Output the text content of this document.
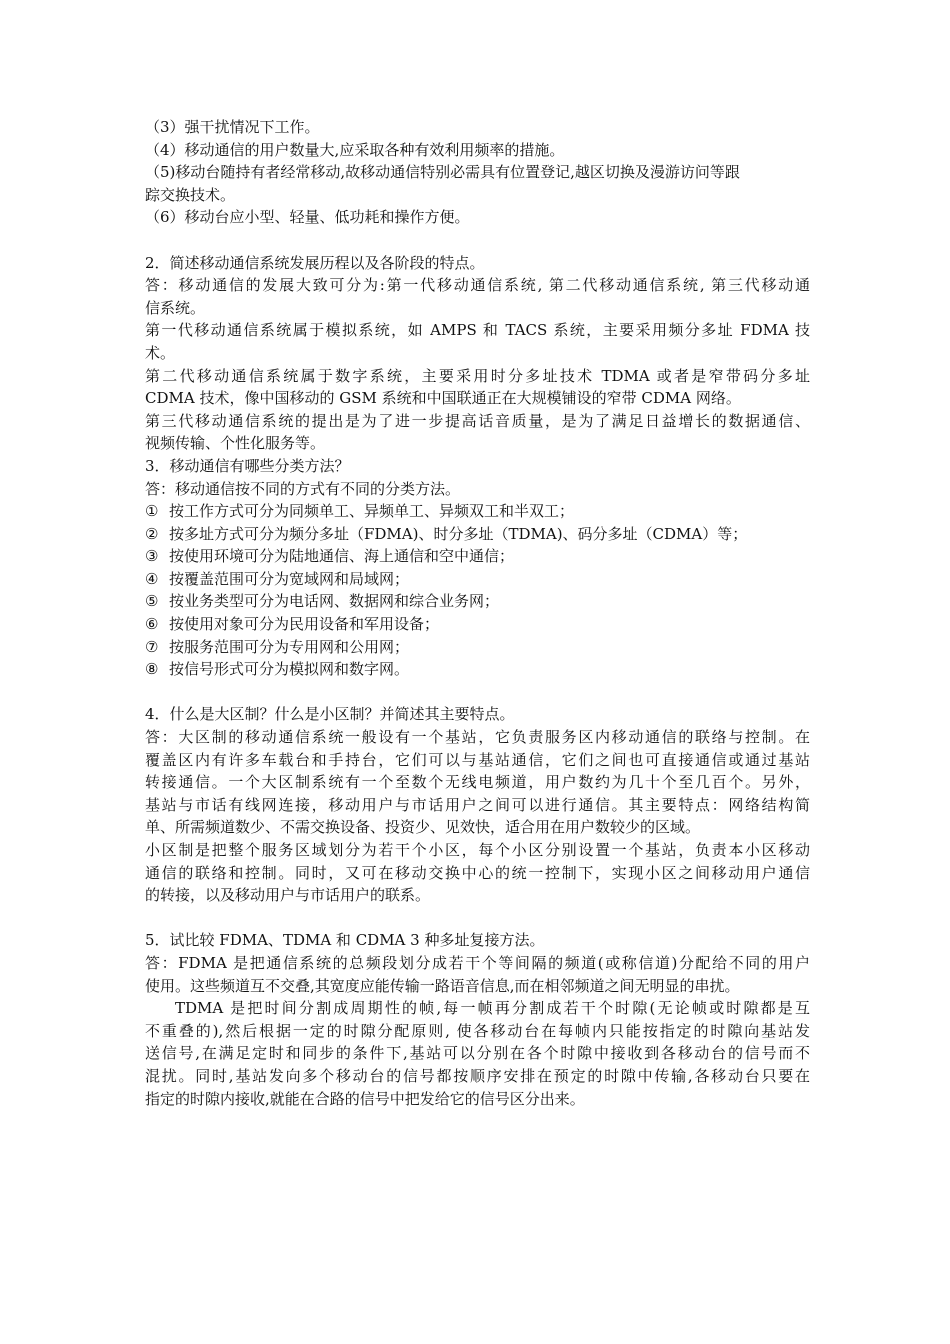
（3）强干扰情况下工作。
（4）移动通信的用户数量大,应采取各种有效利用频率的措施。
（5)移动台随持有者经常移动,故移动通信特别必需具有位置登记,越区切换及漫游访问等跟
踪交换技术。
（6）移动台应小型、轻量、低功耗和操作方便。
2．简述移动通信系统发展历程以及各阶段的特点。
答：移动通信的发展大致可分为:第一代移动通信系统, 第二代移动通信系统, 第三代移动通
信系统。
第一代移动通信系统属于模拟系统，如 AMPS 和 TACS 系统，主要采用频分多址 FDMA 技
术。
第二代移动通信系统属于数字系统，主要采用时分多址技术 TDMA 或者是窄带码分多址
CDMA 技术，像中国移动的 GSM 系统和中国联通正在大规模铺设的窄带 CDMA 网络。
第三代移动通信系统的提出是为了进一步提高话音质量，是为了满足日益增长的数据通信、
视频传输、个性化服务等。
3．移动通信有哪些分类方法？
答：移动通信按不同的方式有不同的分类方法。
① 按工作方式可分为同频单工、异频单工、异频双工和半双工；
② 按多址方式可分为频分多址（FDMA)、时分多址（TDMA)、码分多址（CDMA）等；
③ 按使用环境可分为陆地通信、海上通信和空中通信；
④ 按覆盖范围可分为宽域网和局域网；
⑤ 按业务类型可分为电话网、数据网和综合业务网；
⑥ 按使用对象可分为民用设备和军用设备；
⑦ 按服务范围可分为专用网和公用网；
⑧ 按信号形式可分为模拟网和数字网。
4．什么是大区制？什么是小区制？并简述其主要特点。
答：大区制的移动通信系统一般设有一个基站，它负责服务区内移动通信的联络与控制。在
覆盖区内有许多车载台和手持台，它们可以与基站通信，它们之间也可直接通信或通过基站
转接通信。一个大区制系统有一个至数个无线电频道，用户数约为几十个至几百个。另外，
基站与市话有线网连接，移动用户与市话用户之间可以进行通信。其主要特点：网络结构简
单、所需频道数少、不需交换设备、投资少、见效快，适合用在用户数较少的区域。
小区制是把整个服务区域划分为若干个小区，每个小区分别设置一个基站，负责本小区移动
通信的联络和控制。同时，又可在移动交换中心的统一控制下，实现小区之间移动用户通信
的转接，以及移动用户与市话用户的联系。
5．试比较 FDMA、TDMA 和 CDMA 3 种多址复接方法。
答：FDMA 是把通信系统的总频段划分成若干个等间隔的频道(或称信道)分配给不同的用户
使用。这些频道互不交叠,其宽度应能传输一路语音信息,而在相邻频道之间无明显的串扰。
TDMA 是把时间分割成周期性的帧,每一帧再分割成若干个时隙(无论帧或时隙都是互
不重叠的),然后根据一定的时隙分配原则, 使各移动台在每帧内只能按指定的时隙向基站发
送信号,在满足定时和同步的条件下,基站可以分别在各个时隙中接收到各移动台的信号而不
混扰。同时,基站发向多个移动台的信号都按顺序安排在预定的时隙中传输,各移动台只要在
指定的时隙内接收,就能在合路的信号中把发给它的信号区分出来。
